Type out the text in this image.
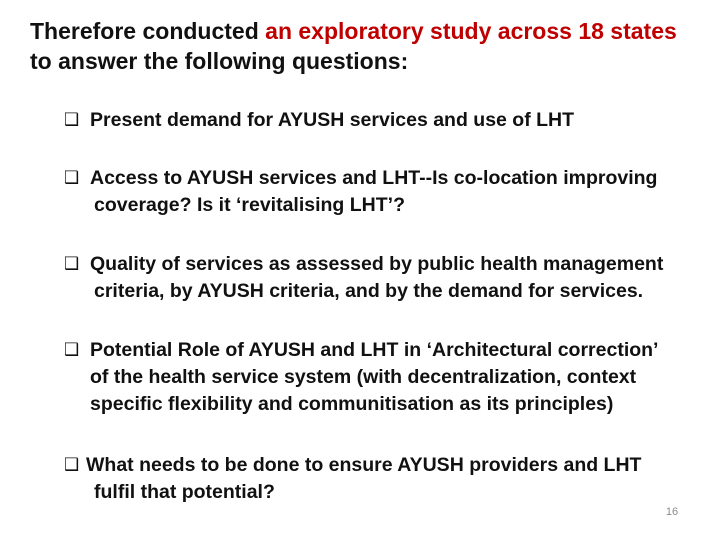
Therefore conducted an exploratory study across 18 states to answer the following questions:
❑ Present demand for AYUSH services and use of LHT
❑ Access to AYUSH services and LHT--Is co-location improving
coverage? Is it ‘revitalising LHT’?
❑ Quality of services as assessed by public health management
criteria, by AYUSH criteria, and by the demand for services.
❑ Potential Role of AYUSH and LHT in ‘Architectural correction’
of the health service system (with decentralization, context
specific flexibility and communitisation as its principles)
❑ What needs to be done to ensure AYUSH providers and LHT
fulfil that potential?
16
